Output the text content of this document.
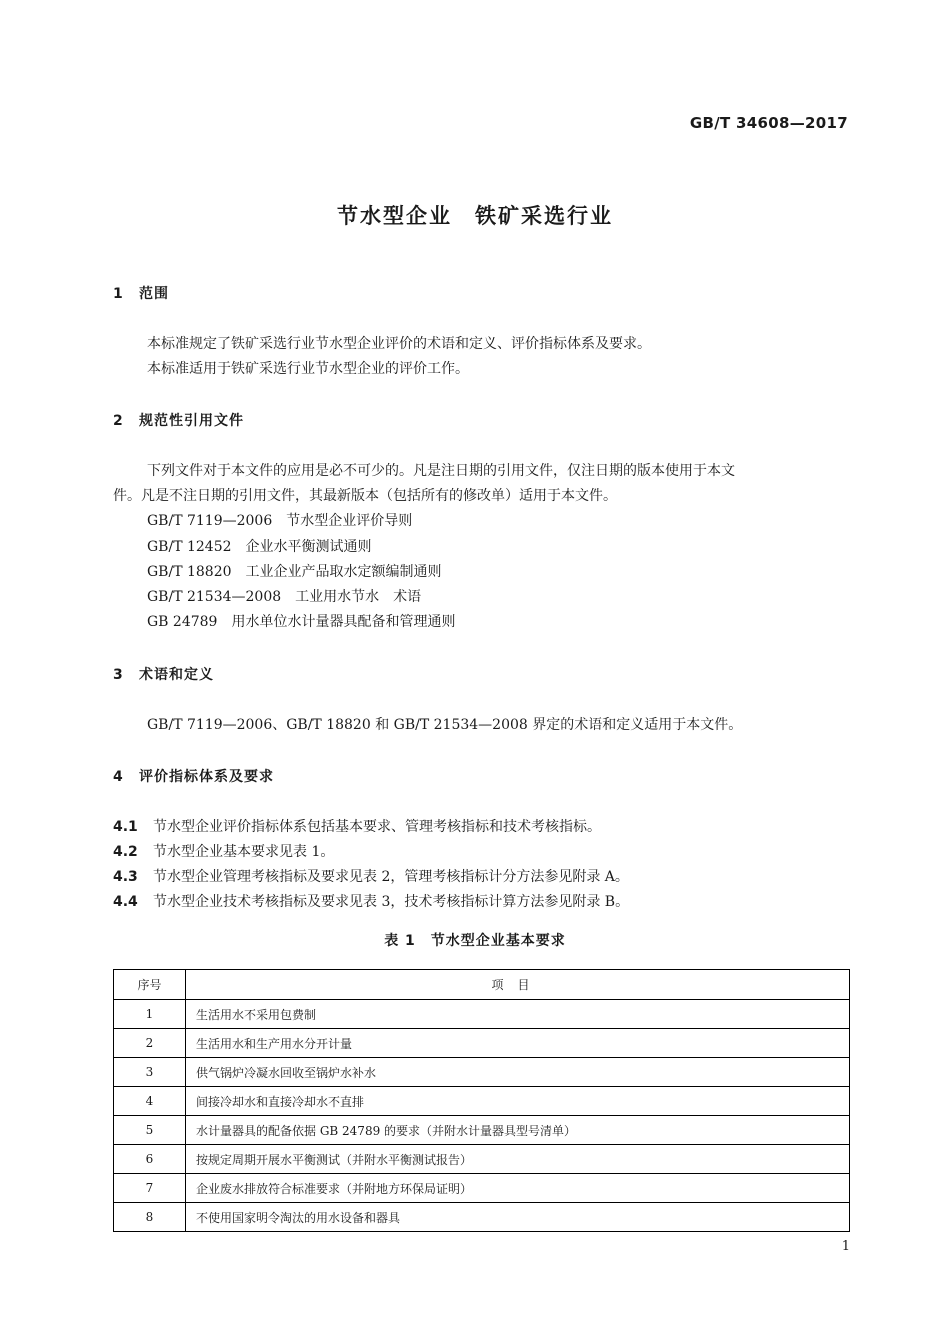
GB/T 34608—2017
节水型企业　铁矿采选行业
1 范围
本标准规定了铁矿采选行业节水型企业评价的术语和定义、评价指标体系及要求。
本标准适用于铁矿采选行业节水型企业的评价工作。
2 规范性引用文件
下列文件对于本文件的应用是必不可少的。凡是注日期的引用文件，仅注日期的版本使用于本文
件。凡是不注日期的引用文件，其最新版本（包括所有的修改单）适用于本文件。
GB/T 7119—2006　节水型企业评价导则
GB/T 12452　企业水平衡测试通则
GB/T 18820　工业企业产品取水定额编制通则
GB/T 21534—2008　工业用水节水　术语
GB 24789　用水单位水计量器具配备和管理通则
3 术语和定义
GB/T 7119—2006、GB/T 18820 和 GB/T 21534—2008 界定的术语和定义适用于本文件。
4 评价指标体系及要求
4.1 节水型企业评价指标体系包括基本要求、管理考核指标和技术考核指标。
4.2 节水型企业基本要求见表 1。
4.3 节水型企业管理考核指标及要求见表 2，管理考核指标计分方法参见附录 A。
4.4 节水型企业技术考核指标及要求见表 3，技术考核指标计算方法参见附录 B。
表 1　节水型企业基本要求
序号	项目
1	生活用水不采用包费制
2	生活用水和生产用水分开计量
3	供气锅炉冷凝水回收至锅炉水补水
4	间接冷却水和直接冷却水不直排
5	水计量器具的配备依据 GB 24789 的要求（并附水计量器具型号清单）
6	按规定周期开展水平衡测试（并附水平衡测试报告）
7	企业废水排放符合标准要求（并附地方环保局证明）
8	不使用国家明令淘汰的用水设备和器具
1
